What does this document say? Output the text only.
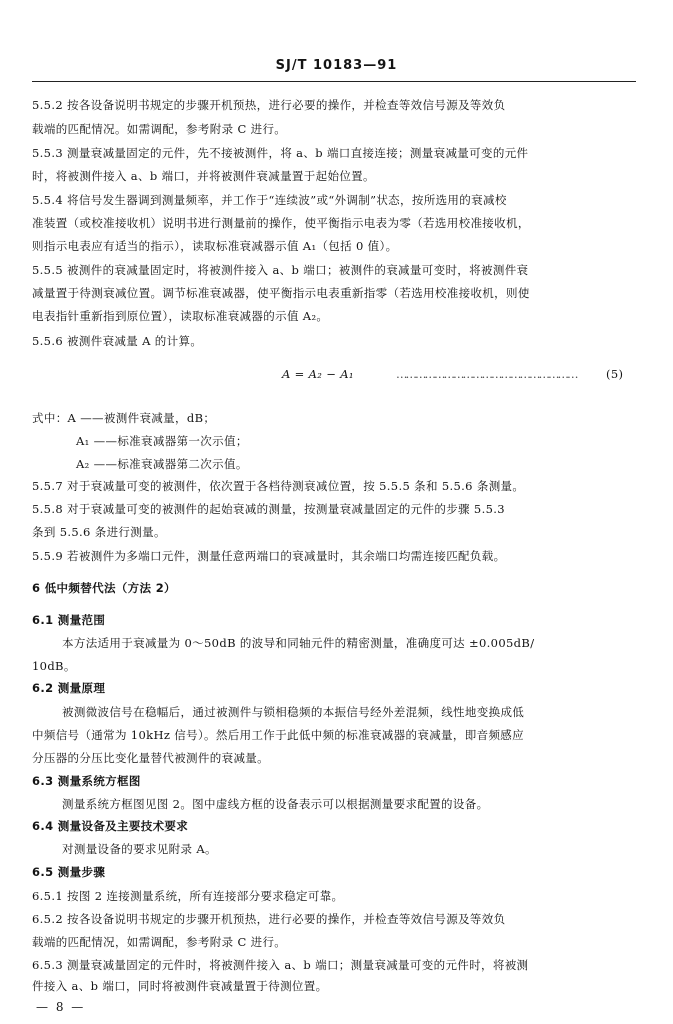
SJ/T 10183—91
5.5.2 按各设备说明书规定的步骤开机预热，进行必要的操作，并检查等效信号源及等效负
载端的匹配情况。如需调配，参考附录 C 进行。
5.5.3 测量衰减量固定的元件，先不接被测件，将 a、b 端口直接连接；测量衰减量可变的元件
时，将被测件接入 a、b 端口，并将被测件衰减量置于起始位置。
5.5.4 将信号发生器调到测量频率，并工作于“连续波”或“外调制”状态，按所选用的衰减校
准装置（或校准接收机）说明书进行测量前的操作，使平衡指示电表为零（若选用校准接收机，
则指示电表应有适当的指示），读取标准衰减器示值 A₁（包括 0 值）。
5.5.5 被测件的衰减量固定时，将被测件接入 a、b 端口；被测件的衰减量可变时，将被测件衰
减量置于待测衰减位置。调节标准衰减器，使平衡指示电表重新指零（若选用校准接收机，则使
电表指针重新指到原位置），读取标准衰减器的示值 A₂。
5.5.6 被测件衰减量 A 的计算。
A = A₂ − A₁	…………………………………………………	(5)
式中：A ——被测件衰减量，dB；
A₁ ——标准衰减器第一次示值；
A₂ ——标准衰减器第二次示值。
5.5.7 对于衰减量可变的被测件，依次置于各档待测衰减位置，按 5.5.5 条和 5.5.6 条测量。
5.5.8 对于衰减量可变的被测件的起始衰减的测量，按测量衰减量固定的元件的步骤 5.5.3
条到 5.5.6 条进行测量。
5.5.9 若被测件为多端口元件，测量任意两端口的衰减量时，其余端口均需连接匹配负载。
6 低中频替代法（方法 2）
6.1 测量范围
本方法适用于衰减量为 0～50dB 的波导和同轴元件的精密测量，准确度可达 ±0.005dB/
10dB。
6.2 测量原理
被测微波信号在稳幅后，通过被测件与锁相稳频的本振信号经外差混频，线性地变换成低
中频信号（通常为 10kHz 信号）。然后用工作于此低中频的标准衰减器的衰减量，即音频感应
分压器的分压比变化量替代被测件的衰减量。
6.3 测量系统方框图
测量系统方框图见图 2。图中虚线方框的设备表示可以根据测量要求配置的设备。
6.4 测量设备及主要技术要求
对测量设备的要求见附录 A。
6.5 测量步骤
6.5.1 按图 2 连接测量系统，所有连接部分要求稳定可靠。
6.5.2 按各设备说明书规定的步骤开机预热，进行必要的操作，并检查等效信号源及等效负
载端的匹配情况，如需调配，参考附录 C 进行。
6.5.3 测量衰减量固定的元件时，将被测件接入 a、b 端口；测量衰减量可变的元件时，将被测
件接入 a、b 端口，同时将被测件衰减量置于待测位置。
— 8 —
